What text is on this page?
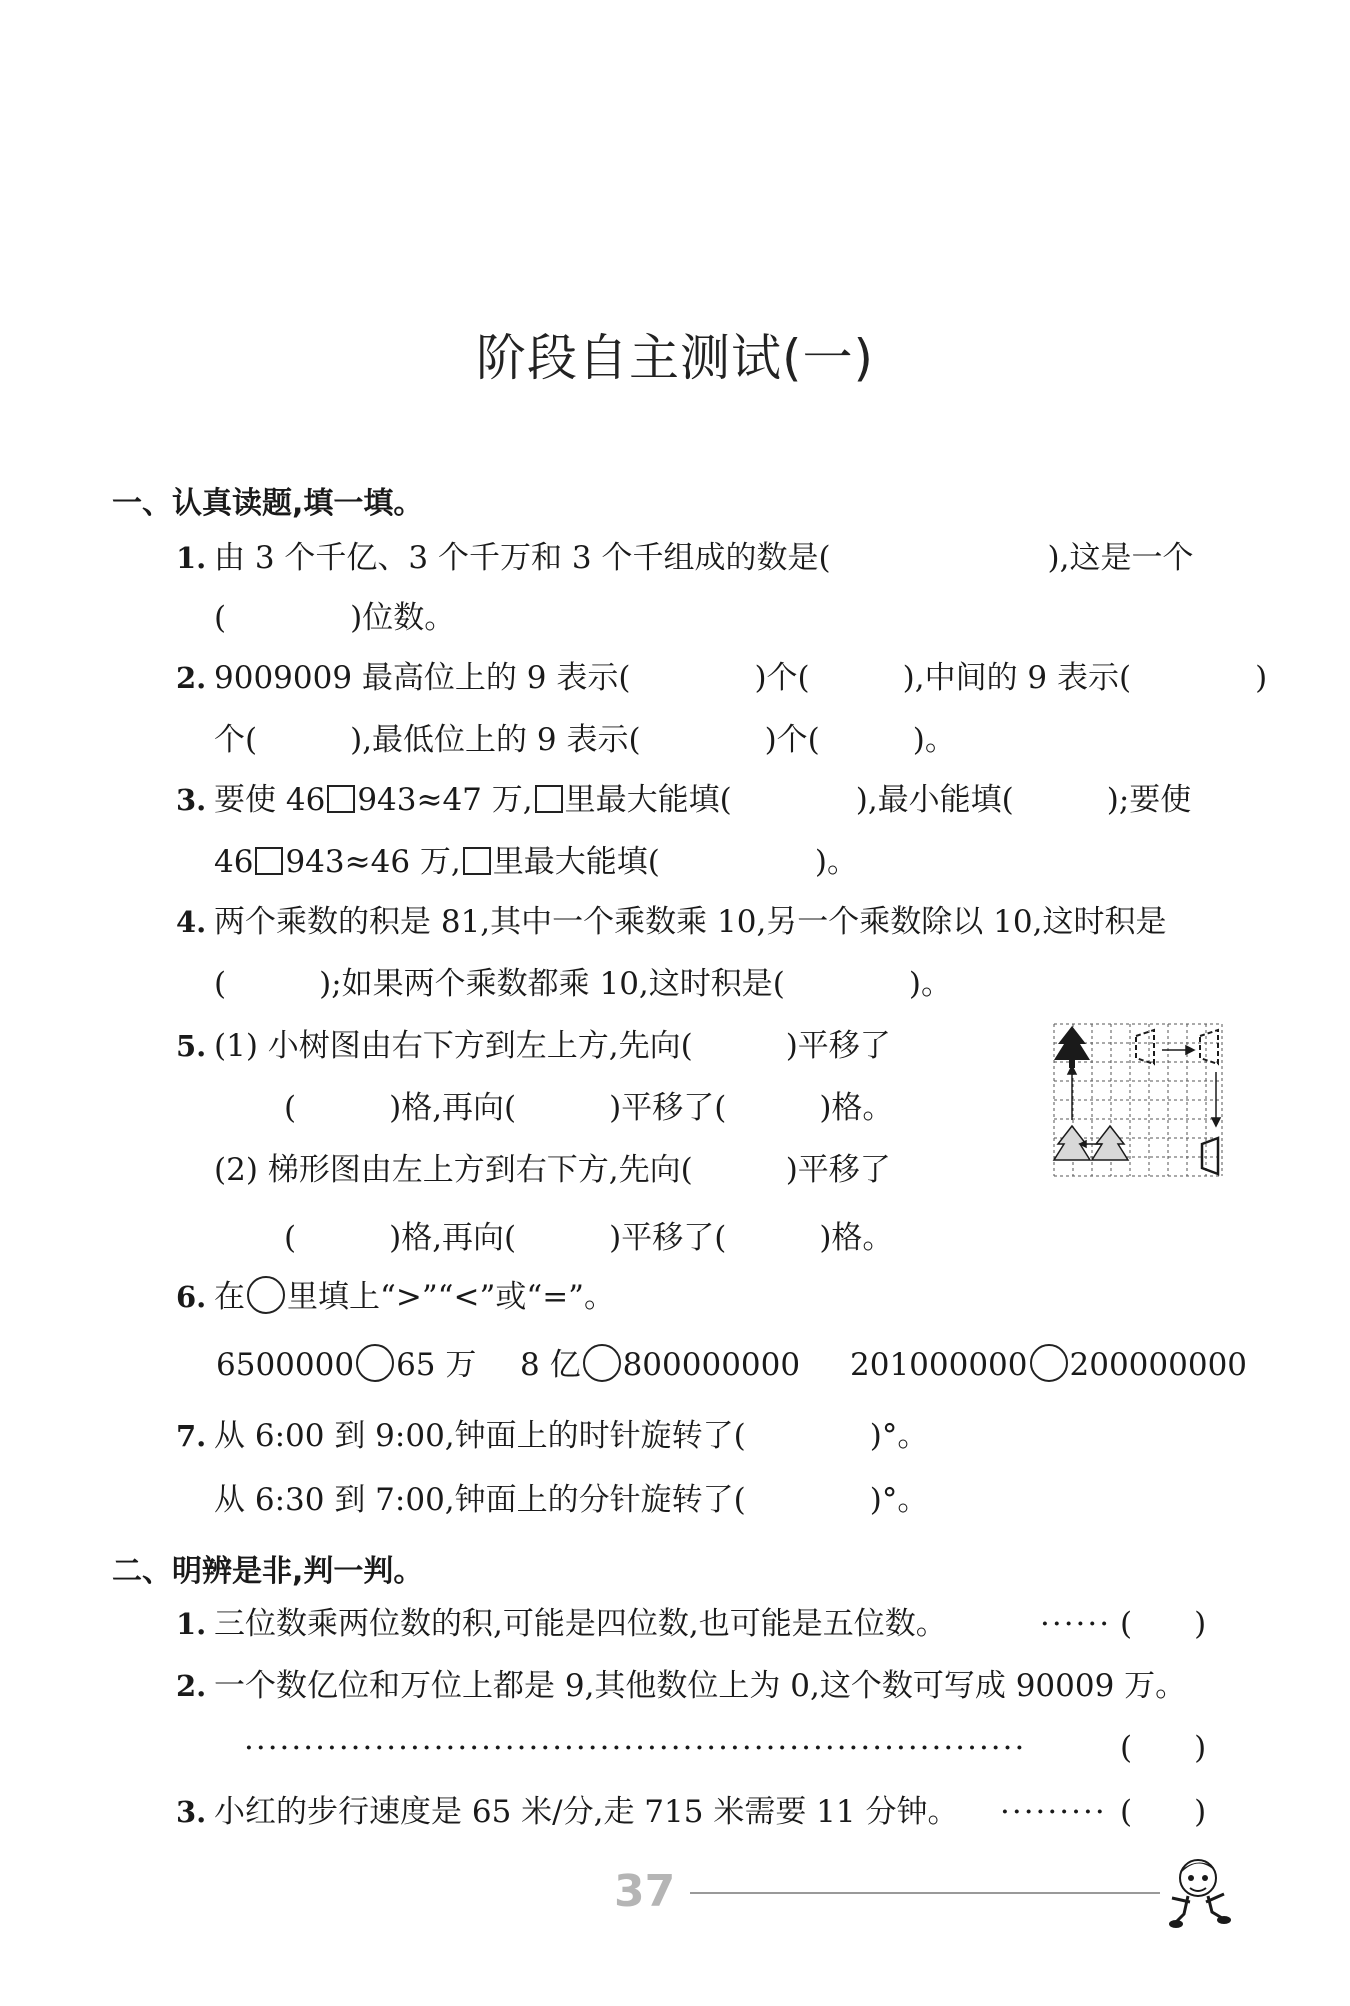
阶段自主测试(一)
一、认真读题,填一填。
1. 由 3 个千亿、3 个千万和 3 个千组成的数是(　　　　　　　),这是一个
(　　　　)位数。
2. 9009009 最高位上的 9 表示(　　　　)个(　　　),中间的 9 表示(　　　　)
个(　　　),最低位上的 9 表示(　　　　)个(　　　)。
3. 要使 46 943≈47 万, 里最大能填(　　　　),最小能填(　　　);要使
46 943≈46 万, 里最大能填(　　　　　)。
4. 两个乘数的积是 81,其中一个乘数乘 10,另一个乘数除以 10,这时积是
(　　　);如果两个乘数都乘 10,这时积是(　　　　)。
5. (1) 小树图由右下方到左上方,先向(　　　)平移了
(　　　)格,再向(　　　)平移了(　　　)格。
(2) 梯形图由左上方到右下方,先向(　　　)平移了
(　　　)格,再向(　　　)平移了(　　　)格。
6. 在 里填上“>”“<”或“=”。
6500000 65 万 8 亿 800000000 201000000 200000000
7. 从 6:00 到 9:00,钟面上的时针旋转了(　　　　)°。
从 6:30 到 7:00,钟面上的分针旋转了(　　　　)°。
二、明辨是非,判一判。
1. 三位数乘两位数的积,可能是四位数,也可能是五位数。	······ (　　)
2. 一个数亿位和万位上都是 9,其他数位上为 0,这个数可写成 90009 万。
··································································	(　　)
3. 小红的步行速度是 65 米/分,走 715 米需要 11 分钟。 ········· (　　)
37
